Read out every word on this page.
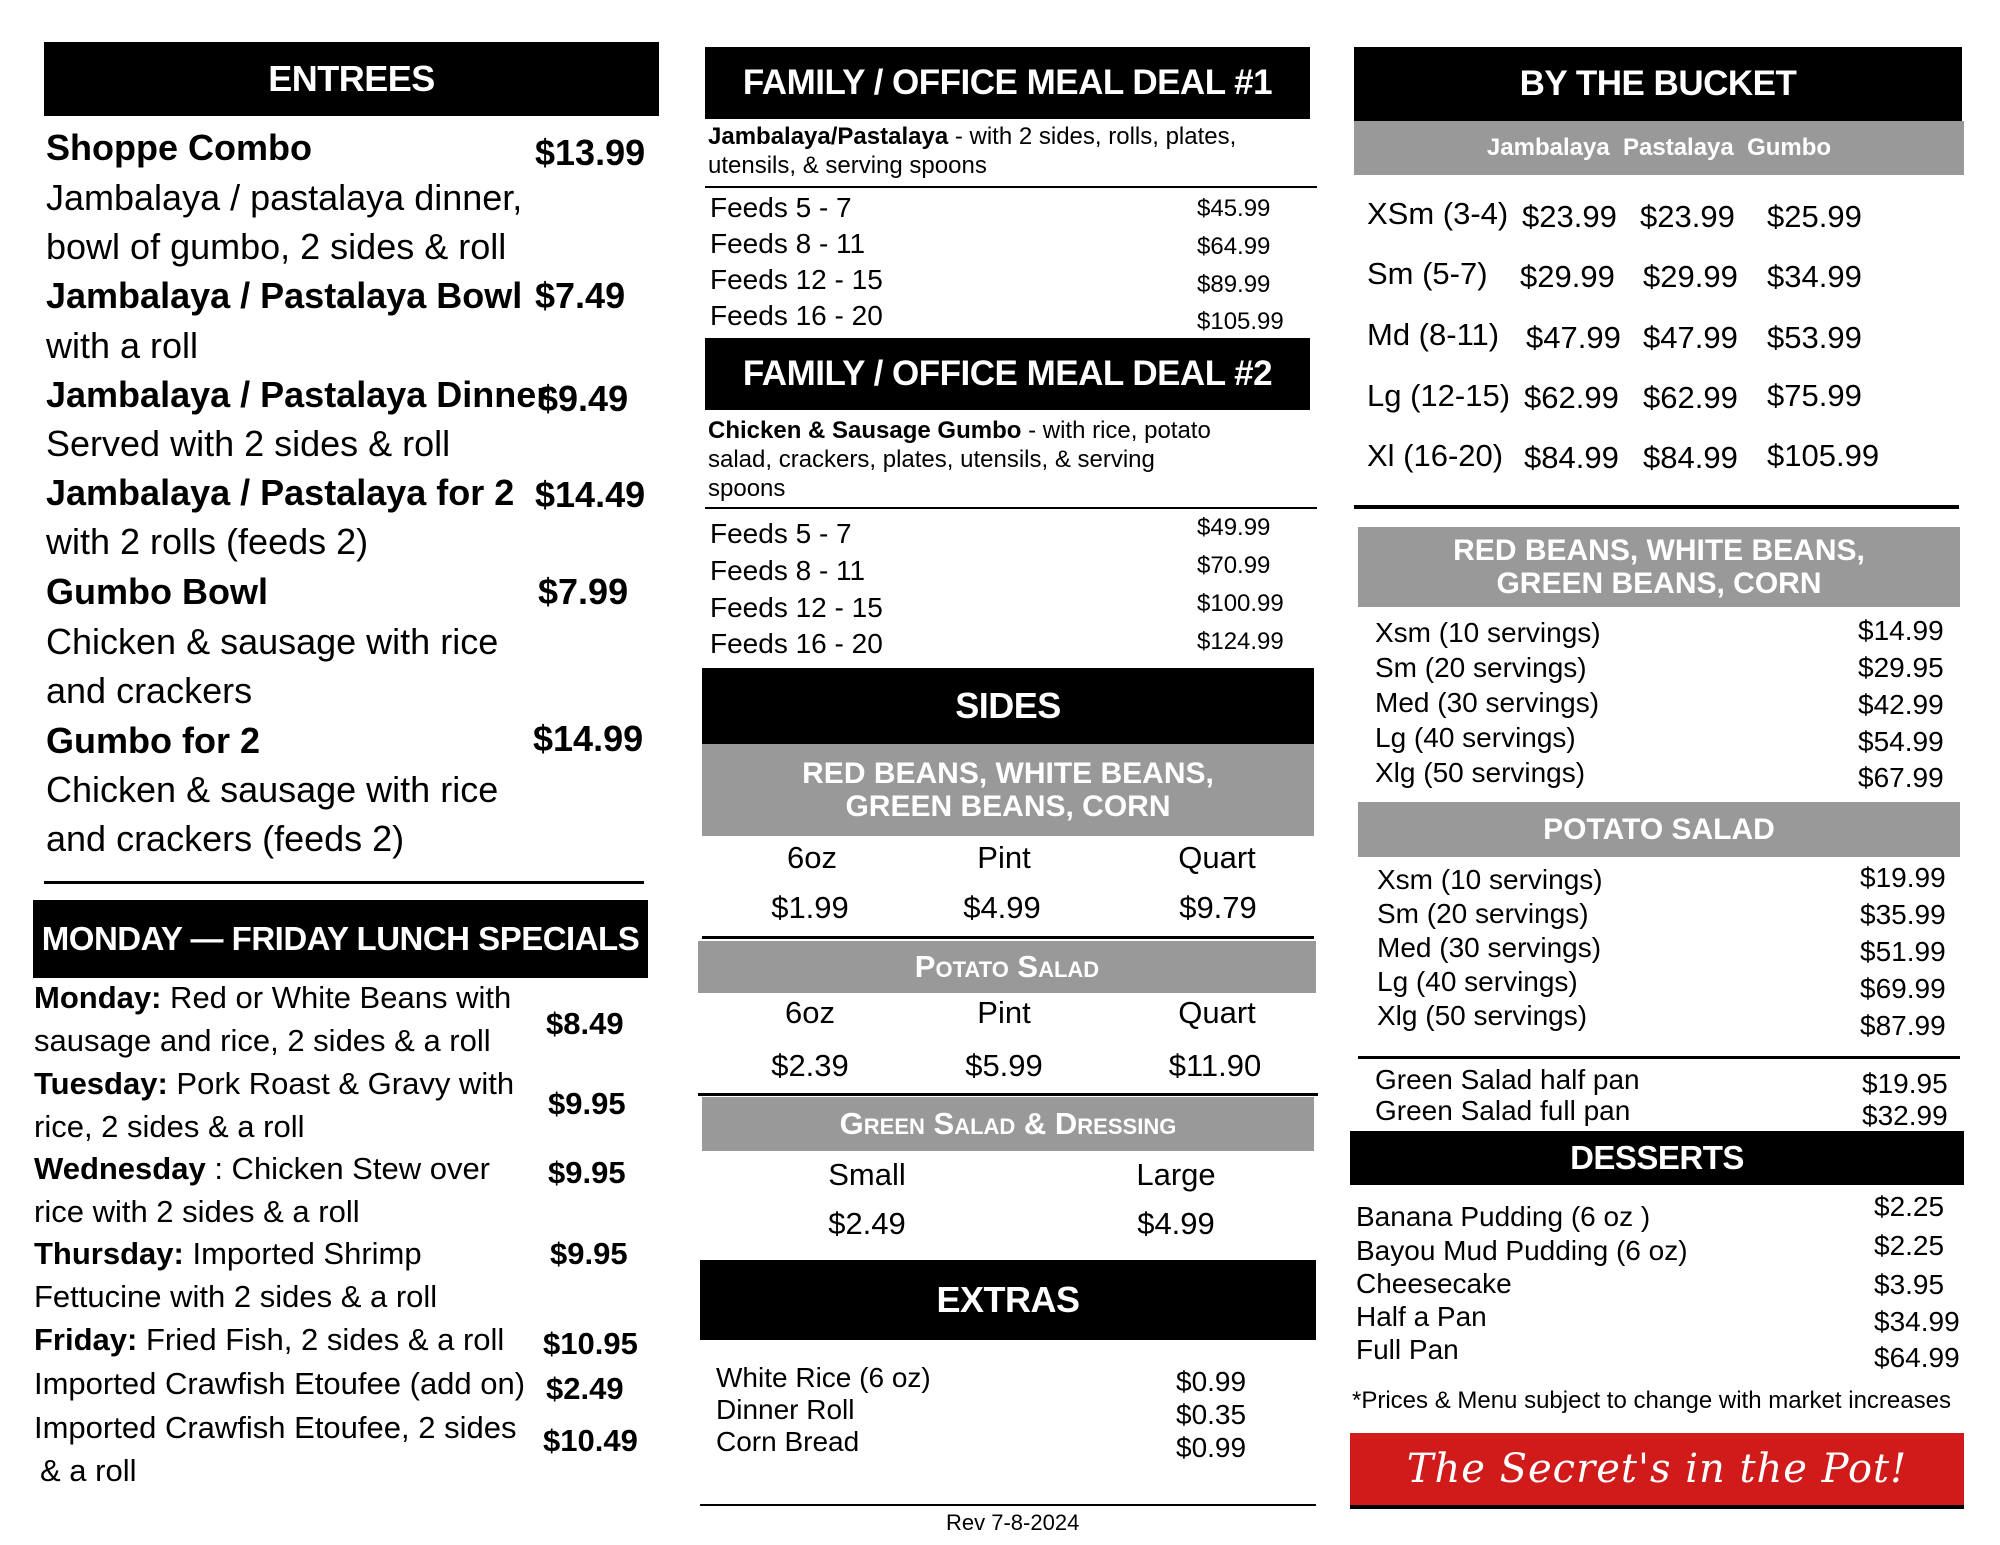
ENTREES
Shoppe Combo	$13.99
Jambalaya / pastalaya dinner,
bowl of gumbo, 2 sides & roll
Jambalaya / Pastalaya Bowl $7.49
with a roll
Jambalaya / Pastalaya Dinner
$9.49
Served with 2 sides & roll
Jambalaya / Pastalaya for 2 $14.49
with 2 rolls (feeds 2)
Gumbo Bowl	$7.99
Chicken & sausage with rice
and crackers
Gumbo for 2	$14.99
Chicken & sausage with rice
and crackers (feeds 2)
MONDAY — FRIDAY LUNCH SPECIALS
Monday: Red or White Beans with
sausage and rice, 2 sides & a roll $8.49
Tuesday: Pork Roast & Gravy with
rice, 2 sides & a roll
$9.95
Wednesday : Chicken Stew over
rice with 2 sides & a roll
$9.95
Thursday: Imported Shrimp
Fettucine with 2 sides & a roll
$9.95
Friday: Fried Fish, 2 sides & a roll $10.95
Imported Crawfish Etoufee (add on) $2.49
Imported Crawfish Etoufee, 2 sides
& a roll
$10.49
FAMILY / OFFICE MEAL DEAL #1
Jambalaya/Pastalaya - with 2 sides, rolls, plates,
utensils, & serving spoons
Feeds 5 - 7	$45.99
Feeds 8 - 11	$64.99
Feeds 12 - 15	$89.99
Feeds 16 - 20	$105.99
FAMILY / OFFICE MEAL DEAL #2
Chicken & Sausage Gumbo - with rice, potato
salad, crackers, plates, utensils, & serving
spoons
Feeds 5 - 7	$49.99
Feeds 8 - 11	$70.99
Feeds 12 - 15	$100.99
Feeds 16 - 20	$124.99
SIDES
RED BEANS, WHITE BEANS,
GREEN BEANS, CORN
6oz	Pint	Quart
$1.99	$4.99	$9.79
Potato Salad
6oz	Pint	Quart
$2.39	$5.99	$11.90
Green Salad & Dressing
Small	Large
$2.49	$4.99
EXTRAS
White Rice (6 oz)	$0.99
Dinner Roll	$0.35
Corn Bread	$0.99
Rev 7-8-2024
BY THE BUCKET
Jambalaya  Pastalaya  Gumbo
XSm (3-4) $23.99 $23.99 $25.99
Sm (5-7) $29.99 $29.99 $34.99
Md (8-11) $47.99 $47.99 $53.99
Lg (12-15) $62.99 $62.99 $75.99
Xl (16-20) $84.99 $84.99 $105.99
RED BEANS, WHITE BEANS,
GREEN BEANS, CORN
Xsm (10 servings)	$14.99
Sm (20 servings)	$29.95
Med (30 servings)	$42.99
Lg (40 servings)	$54.99
Xlg (50 servings)	$67.99
POTATO SALAD
Xsm (10 servings)	$19.99
Sm (20 servings)	$35.99
Med (30 servings)	$51.99
Lg (40 servings)	$69.99
Xlg (50 servings)	$87.99
Green Salad half pan	$19.95
Green Salad full pan	$32.99
DESSERTS
Banana Pudding (6 oz )	$2.25
Bayou Mud Pudding (6 oz)	$2.25
Cheesecake	$3.95
Half a Pan	$34.99
Full Pan	$64.99
*Prices & Menu subject to change with market increases
The Secret's in the Pot!
